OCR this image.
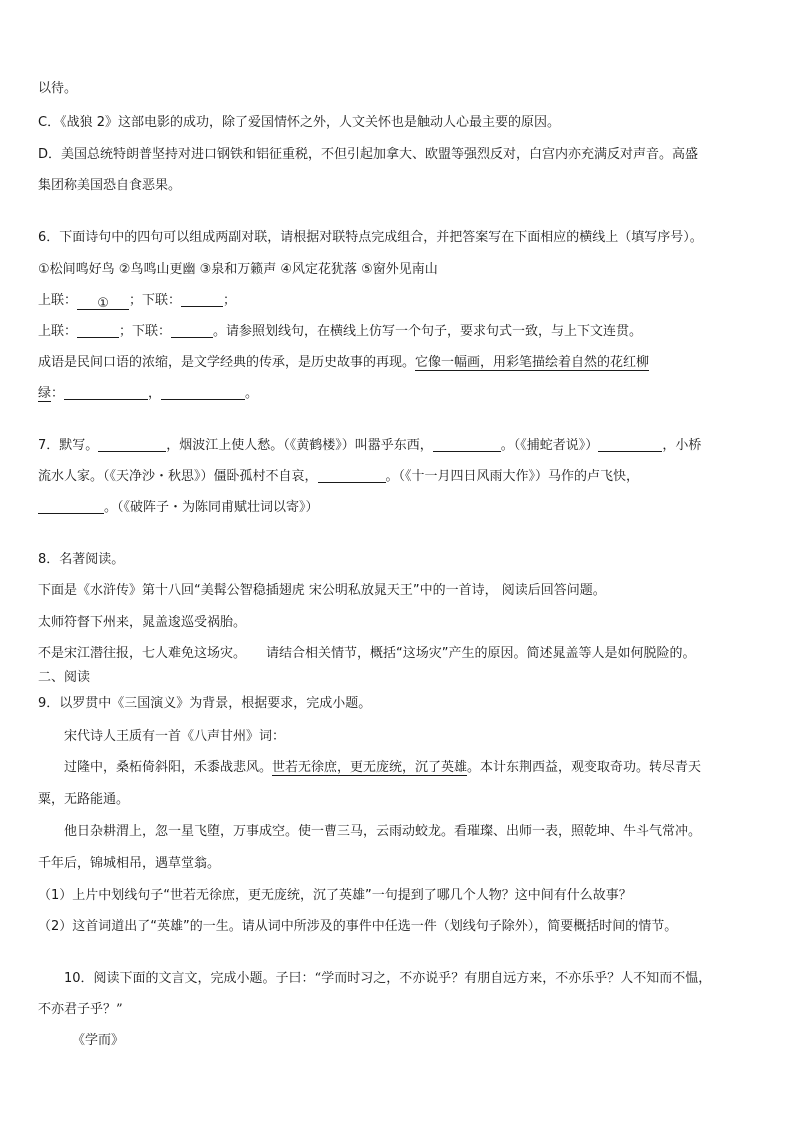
以待。
C．《战狼 2》这部电影的成功，除了爱国情怀之外，人文关怀也是触动人心最主要的原因。
D．美国总统特朗普坚持对进口钢铁和铝征重税，不但引起加拿大、欧盟等强烈反对，白宫内亦充满反对声音。高盛
集团称美国恐自食恶果。
6．下面诗句中的四句可以组成两副对联，请根据对联特点完成组合，并把答案写在下面相应的横线上（填写序号）。
①松间鸣好鸟 ②鸟鸣山更幽 ③泉和万籁声 ④风定花犹落 ⑤窗外见南山
上联： ① ；下联：	；
上联：	；下联：	。请参照划线句，在横线上仿写一个句子，要求句式一致，与上下文连贯。
成语是民间口语的浓缩，是文学经典的传承，是历史故事的再现。它像一幅画，用彩笔描绘着自然的花红柳
绿：	，	。
7．默写。	，烟波江上使人愁。（《黄鹤楼》）叫嚣乎东西，	。（《捕蛇者说》）	，小桥
流水人家。（《天净沙・秋思》）僵卧孤村不自哀，	。（《十一月四日风雨大作》）马作的卢飞快，
。（《破阵子・为陈同甫赋壮词以寄》）
8．名著阅读。
下面是《水浒传》第十八回“美髯公智稳插翅虎 宋公明私放晁天王”中的一首诗， 阅读后回答问题。
太师符督下州来，晁盖逡巡受祸胎。
不是宋江潜往报，七人难免这场灾。 请结合相关情节，概括“这场灾”产生的原因。简述晁盖等人是如何脱险的。
二、阅读
9．以罗贯中《三国演义》为背景，根据要求，完成小题。
宋代诗人王质有一首《八声甘州》词：
过隆中，桑柘倚斜阳，禾黍战悲风。世若无徐庶，更无庞统，沉了英雄。本计东荆西益，观变取奇功。转尽青天
粟，无路能通。
他日杂耕渭上，忽一星飞堕，万事成空。使一曹三马，云雨动蛟龙。看璀璨、出师一表，照乾坤、牛斗气常冲。
千年后，锦城相吊，遇草堂翁。
（1）上片中划线句子“世若无徐庶，更无庞统，沉了英雄”一句提到了哪几个人物？这中间有什么故事？
（2）这首词道出了“英雄”的一生。请从词中所涉及的事件中任选一件（划线句子除外），简要概括时间的情节。
10．阅读下面的文言文，完成小题。子曰：“学而时习之，不亦说乎？有朋自远方来，不亦乐乎？人不知而不愠，
不亦君子乎？”
《学而》
